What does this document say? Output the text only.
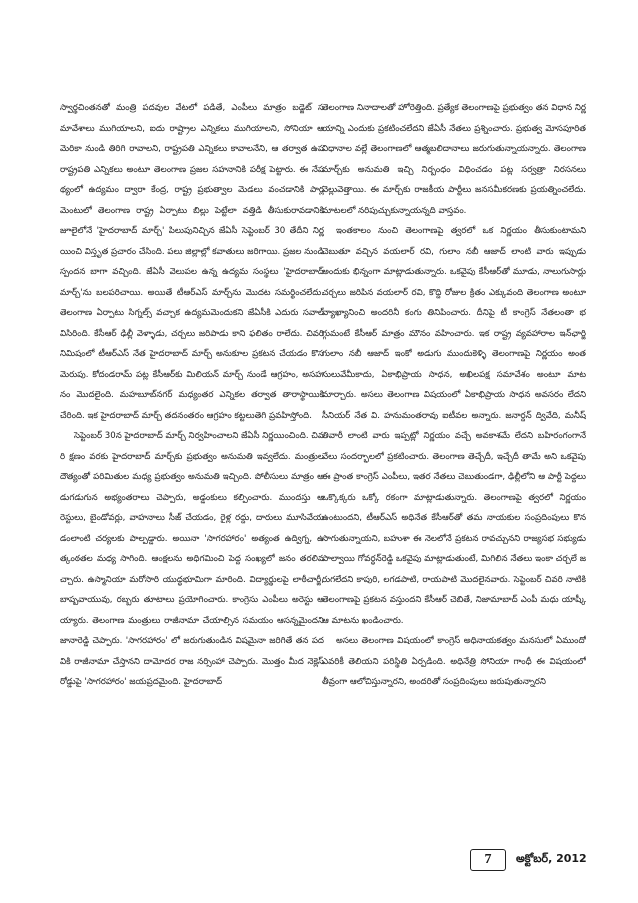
స్వార్థచింతనతో మంత్రి పదవుల వేటలో పడితే, ఎంపీలు మాత్రం బడ్జెట్ సమావేశాలు ముగియాలని, ఐదు రాష్ట్రాల ఎన్నికలు ముగియాలని, సోనియా అమెరికా నుండి తిరిగి రావాలని, రాష్ట్రపతి ఎన్నికలు కావాలనేని, ఆ తర్వాత ఉపరాష్ట్రపతి ఎన్నికలు అంటూ తెలంగాణ ప్రజల సహనానికి పరీక్ష పెట్టారు. ఈ నేపథ్యంలో ఉద్యమం ద్వారా కేంద్ర, రాష్ట్ర ప్రభుత్వాల మెడలు వంచడానికి పార్లమెంటులో తెలంగాణ రాష్ట్ర ఏర్పాటు బిల్లు పెట్టేలా వత్తిడి తీసుకురావడానికి జూలైలోనే 'హైదరాబాద్ మార్చ్' పిలుపునిచ్చిన జేఏసీ సెప్టెంబర్ 30 తేదీని నిర్ణయించి విస్తృత ప్రచారం చేసింది. పలు జిల్లాల్లో కవాతులు జరిగాయి. ప్రజల నుండి స్పందన బాగా వచ్చింది. జేఏసీ వెలుపల ఉన్న ఉద్యమ సంస్థలు 'హైదరాబాద్ మార్చ్'ను బలపరిచాయి. అయితే టీఆర్ఎస్ మార్చ్‌ను మొదట సమర్థించలేదు. తెలంగాణ ఏర్పాటు సిగ్నల్స్ వచ్చాక ఉద్యమమెందుకని జేఏసీకి ఎదురు సవాల్ విసిరింది. కేసీఆర్ ఢిల్లీ వెళ్ళాడు, చర్చలు జరిపాడు కాని ఫలితం రాలేదు. చివరి నిమిషంలో టీఆర్ఎస్ నేత హైదరాబాద్ మార్చ్ అనుకూల ప్రకటన చేయడం కొసమెరుపు. కోదండరామ్ పట్ల కేసీఆర్‌కు మిలియన్ మార్చ్ నుండే ఆగ్రహం, అసహనం మొదలైంది. మహబూబ్‌నగర్ మధ్యంతర ఎన్నికల తర్వాత తారాస్థాయికి చేరింది. ఇక హైదరాబాద్ మార్చ్ తదనంతరం ఆగ్రహం కట్టలుతెగి ప్రవహిస్తోంది.

సెప్టెంబర్ 30న హైదరాబాద్ మార్చ్ నిర్వహించాలని జేఏసీ నిర్ణయించింది. చివరి క్షణం వరకు హైదరాబాద్ మార్చ్‌కు ప్రభుత్వం అనుమతి ఇవ్వలేదు. మంత్రుల దౌత్యంతో పరిమితుల మధ్య ప్రభుత్వం అనుమతి ఇచ్చింది. పోలీసులు మాత్రం అడుగడుగున అభ్యంతరాలు చెప్పారు, అడ్డంకులు కల్పించారు. ముందస్తు అరెస్టులు, బైండోవర్లు, వాహనాలు సీజ్ చేయడం, రైళ్ల రద్దు, దారులు మూసివేయడంలాంటి చర్యలకు పాల్పడ్డారు. అయినా 'సాగరహారం' అత్యంత ఉద్విగ్న, ఉత్కంఠతల మధ్య సాగింది. ఆంక్షలను అధిగమించి పెద్ద సంఖ్యలో జనం తరలివచ్చారు. ఉస్మానియా మరోసారి యుద్ధభూమిగా మారింది. విద్యార్థులపై లాఠీచార్జీ, బాష్పవాయువు, రబ్బరు తూటాలు ప్రయోగించారు. కాంగ్రెసు ఎంపీలు అరెస్టు అయ్యారు. తెలంగాణ మంత్రులు రాజీనామా చేయాల్సిన సమయం ఆసన్నమైందని జానారెడ్డి చెప్పారు. 'సాగరహారం' లో జరుగుతుండిన విషమైనా జరిగితే తన పదవికి రాజీనామా చేస్తానని దామోదర రాజ నర్సింహా చెప్పారు. మొత్తం మీద నెక్లెస్ రోడ్డుపై 'సాగరహారం' జయప్రదమైంది. హైదరాబాద్

తెలంగాణ నినాదాలతో హోరెత్తింది. ప్రత్యేక తెలంగాణపై ప్రభుత్వం తన విధాన నిర్ణయాన్ని ఎందుకు ప్రకటించలేదని జేఏసీ నేతలు ప్రశ్నించారు. ప్రభుత్వ మోసపూరిత విధానాల వల్లే తెలంగాణలో ఆత్మబలిదానాలు జరుగుతున్నాయన్నారు. తెలంగాణ మార్చ్‌కు అనుమతి ఇచ్చి నిర్బంధం విధించడం పట్ల సర్వత్రా నిరసనలు వెల్లువెత్తాయి. ఈ మార్చ్‌కు రాజకీయ పార్టీలు జనసమీకరణకు ప్రయత్నించలేదు. మాటలలో నరిపుచ్చుకున్నాయన్నది వాస్తవం.

ఇంతకాలం నుంచి తెలంగాణపై త్వరలో ఒక నిర్ణయం తీసుకుంటామని చెబుతూ వచ్చిన వయలార్ రవి, గులాం నబీ ఆజాద్ లాంటి వారు ఇప్పుడు అందుకు భిన్నంగా మాట్లాడుతున్నారు. ఒకవైపు కేసీఆర్‌తో మూడు, నాలుగుసార్లు చర్చలు జరిపిన వయలార్ రవి, కొద్ది రోజుల క్రితం ఎక్కువంది తెలంగాణ అంటూ వ్యాఖ్యానించి అందరినీ కంగు తినిపించారు. దీనిపై టీ కాంగ్రెస్ నేతలంతా భగ్గుమంటే కేసీఆర్ మాత్రం మౌనం వహించారు. ఇక రాష్ట్ర వ్యవహారాల ఇన్‌ఛార్జి గులాం నబీ ఆజాద్ ఇంకో అడుగు ముందుకెళ్ళి తెలంగాణపై నిర్ణయం అంత సులువేమీకాదు, ఏకాభిప్రాయ సాధన, అఖిలపక్ష సమావేశం అంటూ మాట మార్చారు. అసలు తెలంగాణ విషయంలో ఏకాభిప్రాయ సాధన అవసరం లేదని సీనియర్ నేత వి. హనుమంతరావు ఐటీవల అన్నారు. జనార్దన్ ద్వివేది, మనీష్ తివారీ లాంటి వారు ఇప్పట్లో నిర్ణయం వచ్చే అవకాశమే లేదని బహిరంగంగానే వేలు సందర్భాలలో ప్రకటించారు. తెలంగాణ తెచ్చేదీ, ఇచ్చేదీ తామే అని ఒకవైపు ఈ ప్రాంత కాంగ్రెస్ ఎంపీలు, ఇతర నేతలు చెబుతుండగా, ఢిల్లీలోని ఆ పార్టీ పెద్దలు ఒక్కొక్కరు ఒక్కో రకంగా మాట్లాడుతున్నారు. తెలంగాణపై త్వరలో నిర్ణయం ఉంటుందని, టీఆర్ఎస్ అధినేత కేసీఆర్‌తో తమ నాయకుల సంప్రదింపులు కొనసాగుతున్నాయని, బహుశా ఈ నెలలోనే ప్రకటన రావచ్చునని రాజ్యసభ సభ్యుడు పాల్వాయి గోవర్ధన్‌రెడ్డి ఒకవైపు మాట్లాడుతుంటే, మిగిలిన నేతలు ఇంకా చర్చలే జరుగలేదని కాపురి, లగడపాటి, రాయపాటి మొదలైనవారు. సెప్టెంబర్ చివరి నాటికి తెలంగాణపై ప్రకటన వస్తుందని కేసీఆర్ చెబితే, నిజామాబాద్ ఎంపీ మధు యాష్కీ ఆ మాటను ఖండించారు.

అసలు తెలంగాణ విషయంలో కాంగ్రెస్ అధినాయకత్వం మనసులో ఏముందో ఎవరికీ తెలియని పరిస్థితి ఏర్పడింది. అధినేత్రి సోనియా గాంధీ ఈ విషయంలో తీవ్రంగా ఆలోచిస్తున్నారని, అందరితో సంప్రదింపులు జరుపుతున్నారని

7	అక్టోబర్, 2012
